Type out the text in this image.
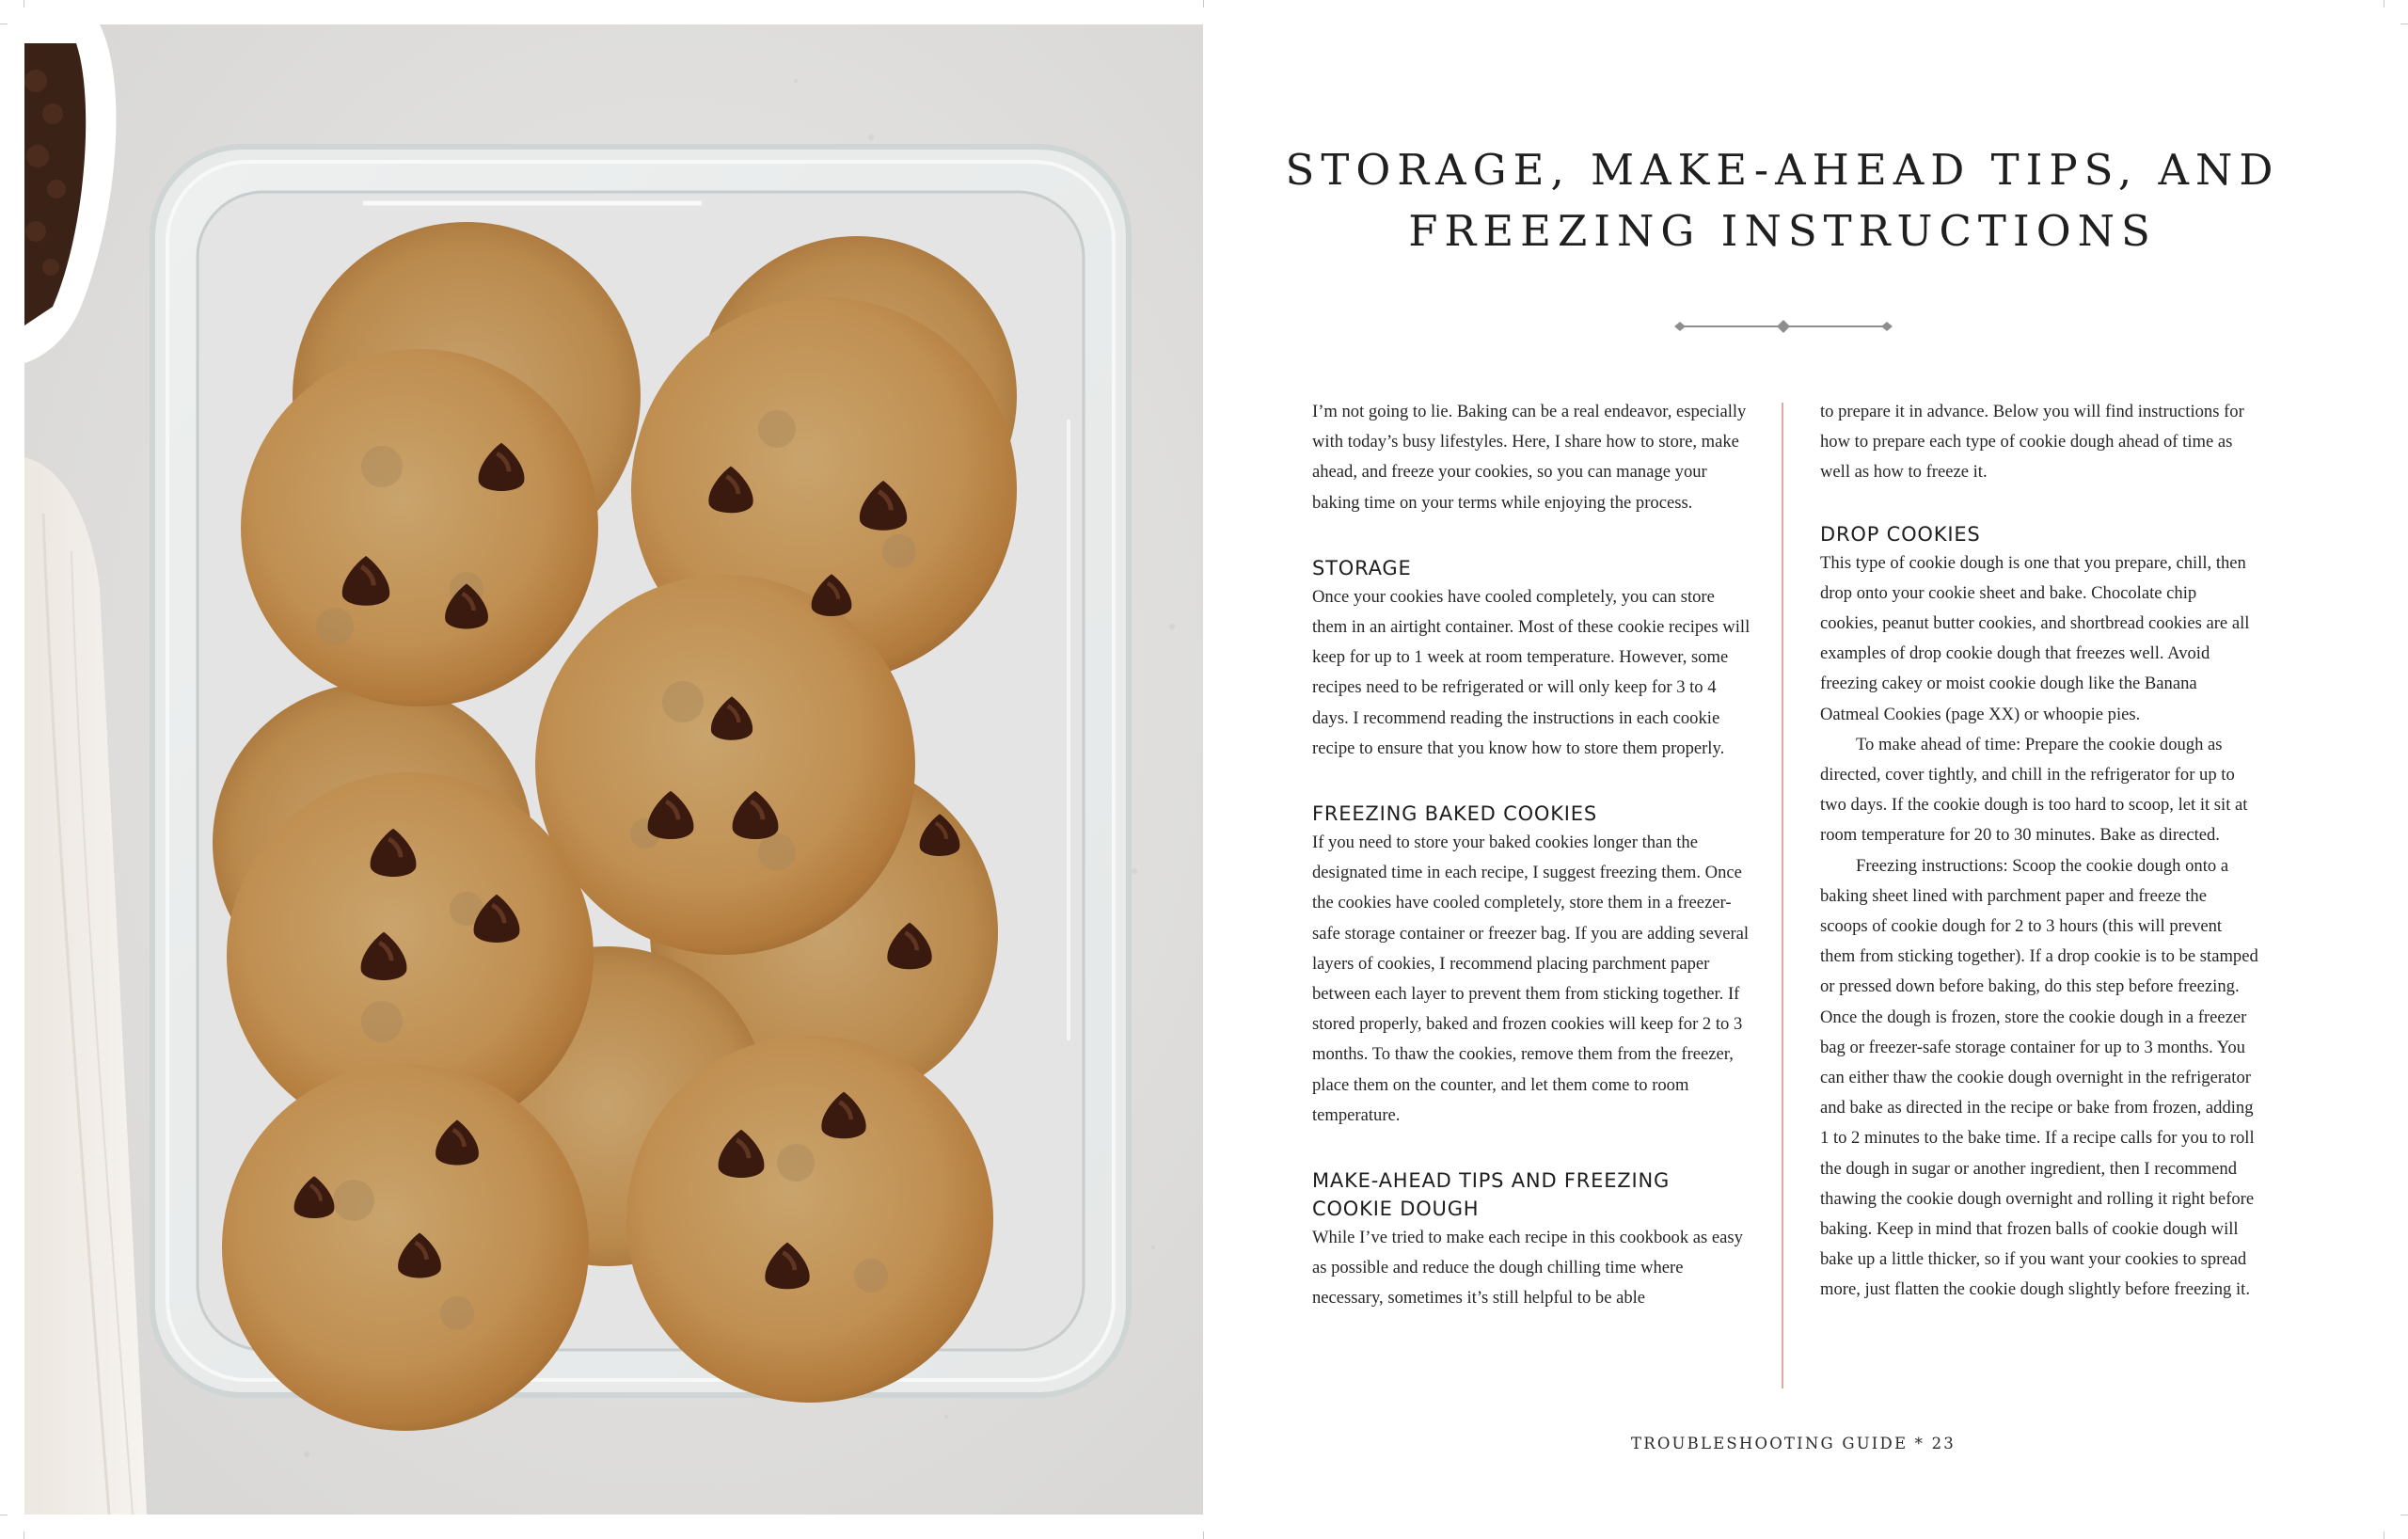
STORAGE, MAKE-AHEAD TIPS, AND
FREEZING INSTRUCTIONS

I’m not going to lie. Baking can be a real endeavor, especially with today’s busy lifestyles. Here, I share how to store, make ahead, and freeze your cookies, so you can manage your baking time on your terms while enjoying the process.

STORAGE

Once your cookies have cooled completely, you can store them in an airtight container. Most of these cookie recipes will keep for up to 1 week at room temperature. However, some recipes need to be refrigerated or will only keep for 3 to 4 days. I recommend reading the instructions in each cookie recipe to ensure that you know how to store them properly.

FREEZING BAKED COOKIES

If you need to store your baked cookies longer than the designated time in each recipe, I suggest freezing them. Once the cookies have cooled completely, store them in a freezer-safe storage container or freezer bag. If you are adding several layers of cookies, I recommend placing parchment paper between each layer to prevent them from sticking together. If stored properly, baked and frozen cookies will keep for 2 to 3 months. To thaw the cookies, remove them from the freezer, place them on the counter, and let them come to room temperature.

MAKE-AHEAD TIPS AND FREEZING
COOKIE DOUGH

While I’ve tried to make each recipe in this cookbook as easy as possible and reduce the dough chilling time where necessary, sometimes it’s still helpful to be able

to prepare it in advance. Below you will find instructions for how to prepare each type of cookie dough ahead of time as well as how to freeze it.

DROP COOKIES

This type of cookie dough is one that you prepare, chill, then drop onto your cookie sheet and bake. Chocolate chip cookies, peanut butter cookies, and shortbread cookies are all examples of drop cookie dough that freezes well. Avoid freezing cakey or moist cookie dough like the Banana Oatmeal Cookies (page XX) or whoopie pies.

To make ahead of time: Prepare the cookie dough as directed, cover tightly, and chill in the refrigerator for up to two days. If the cookie dough is too hard to scoop, let it sit at room temperature for 20 to 30 minutes. Bake as directed.

Freezing instructions: Scoop the cookie dough onto a baking sheet lined with parchment paper and freeze the scoops of cookie dough for 2 to 3 hours (this will prevent them from sticking together). If a drop cookie is to be stamped or pressed down before baking, do this step before freezing. Once the dough is frozen, store the cookie dough in a freezer bag or freezer-safe storage container for up to 3 months. You can either thaw the cookie dough overnight in the refrigerator and bake as directed in the recipe or bake from frozen, adding 1 to 2 minutes to the bake time. If a recipe calls for you to roll the dough in sugar or another ingredient, then I recommend thawing the cookie dough overnight and rolling it right before baking. Keep in mind that frozen balls of cookie dough will bake up a little thicker, so if you want your cookies to spread more, just flatten the cookie dough slightly before freezing it.

TROUBLESHOOTING GUIDE * 23
